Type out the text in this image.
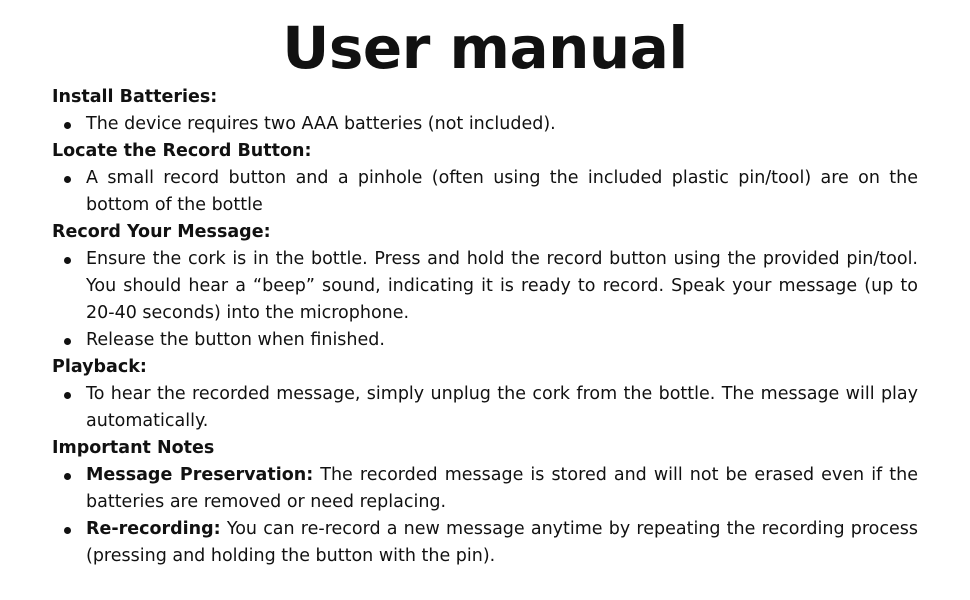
User manual

Install Batteries:

The device requires two AAA batteries (not included).

Locate the Record Button:

A small record button and a pinhole (often using the included plastic pin/tool) are on the bottom of the bottle

Record Your Message:

Ensure the cork is in the bottle. Press and hold the record button using the provided pin/tool. You should hear a “beep” sound, indicating it is ready to record. Speak your message (up to 20-40 seconds) into the microphone.
Release the button when finished.

Playback:

To hear the recorded message, simply unplug the cork from the bottle. The message will play automatically.

Important Notes

Message Preservation: The recorded message is stored and will not be erased even if the batteries are removed or need replacing.
Re-recording: You can re-record a new message anytime by repeating the recording process (pressing and holding the button with the pin).
